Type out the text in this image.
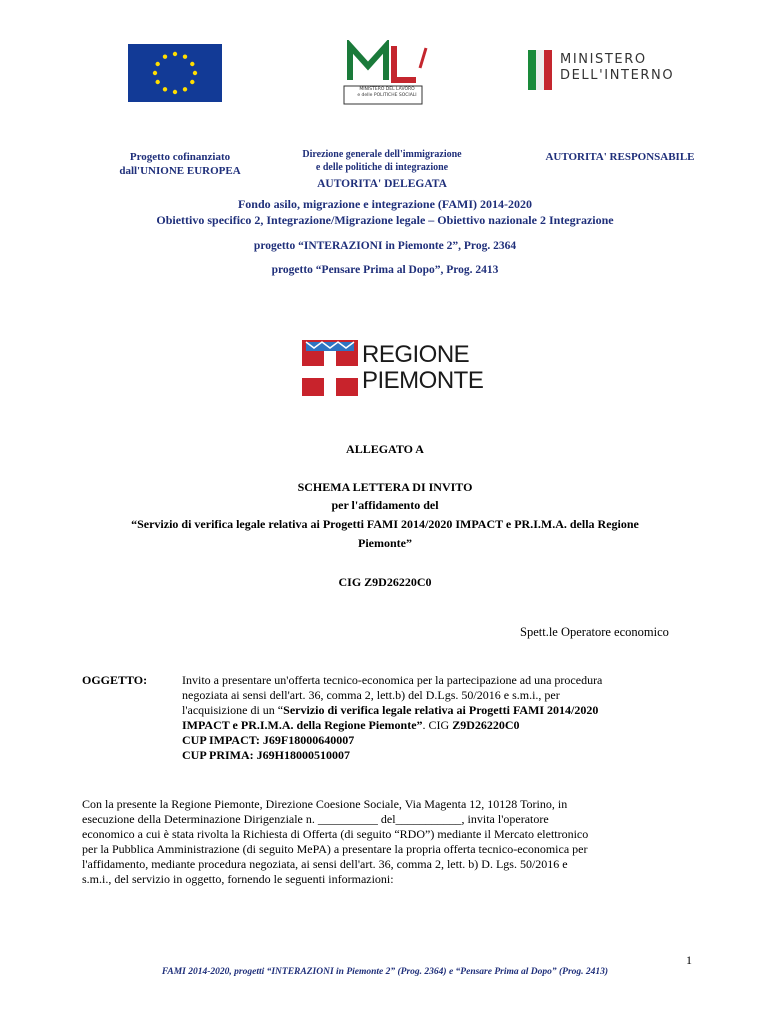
MINISTERO DEL LAVORO
e delle POLITICHE SOCIALI
MINISTERO
DELL'INTERNO
Progetto cofinanziato
dall'UNIONE EUROPEA
Direzione generale dell'immigrazione
e delle politiche di integrazione
AUTORITA' DELEGATA
AUTORITA' RESPONSABILE
Fondo asilo, migrazione e integrazione (FAMI) 2014-2020
Obiettivo specifico 2, Integrazione/Migrazione legale – Obiettivo nazionale 2 Integrazione
progetto “INTERAZIONI in Piemonte 2”, Prog. 2364
progetto “Pensare Prima al Dopo”, Prog. 2413
REGIONE
PIEMONTE
ALLEGATO A
SCHEMA LETTERA DI INVITO
per l'affidamento del
“Servizio di verifica legale relativa ai Progetti FAMI 2014/2020 IMPACT e PR.I.M.A. della Regione
Piemonte”
CIG Z9D26220C0
Spett.le Operatore economico
OGGETTO:	Invito a presentare un'offerta tecnico-economica per la partecipazione ad una procedura
negoziata ai sensi dell'art. 36, comma 2, lett.b) del D.Lgs. 50/2016 e s.m.i., per
l'acquisizione di un “Servizio di verifica legale relativa ai Progetti FAMI 2014/2020
IMPACT e PR.I.M.A. della Regione Piemonte”. CIG Z9D26220C0
CUP IMPACT: J69F18000640007
CUP PRIMA: J69H18000510007
Con la presente la Regione Piemonte, Direzione Coesione Sociale, Via Magenta 12, 10128 Torino, in
esecuzione della Determinazione Dirigenziale n. __________ del___________, invita l'operatore
economico a cui è stata rivolta la Richiesta di Offerta (di seguito “RDO”) mediante il Mercato elettronico
per la Pubblica Amministrazione (di seguito MePA) a presentare la propria offerta tecnico-economica per
l'affidamento, mediante procedura negoziata, ai sensi dell'art. 36, comma 2, lett. b) D. Lgs. 50/2016 e
s.m.i., del servizio in oggetto, fornendo le seguenti informazioni:
1
FAMI 2014-2020, progetti “INTERAZIONI in Piemonte 2” (Prog. 2364) e “Pensare Prima al Dopo” (Prog. 2413)
